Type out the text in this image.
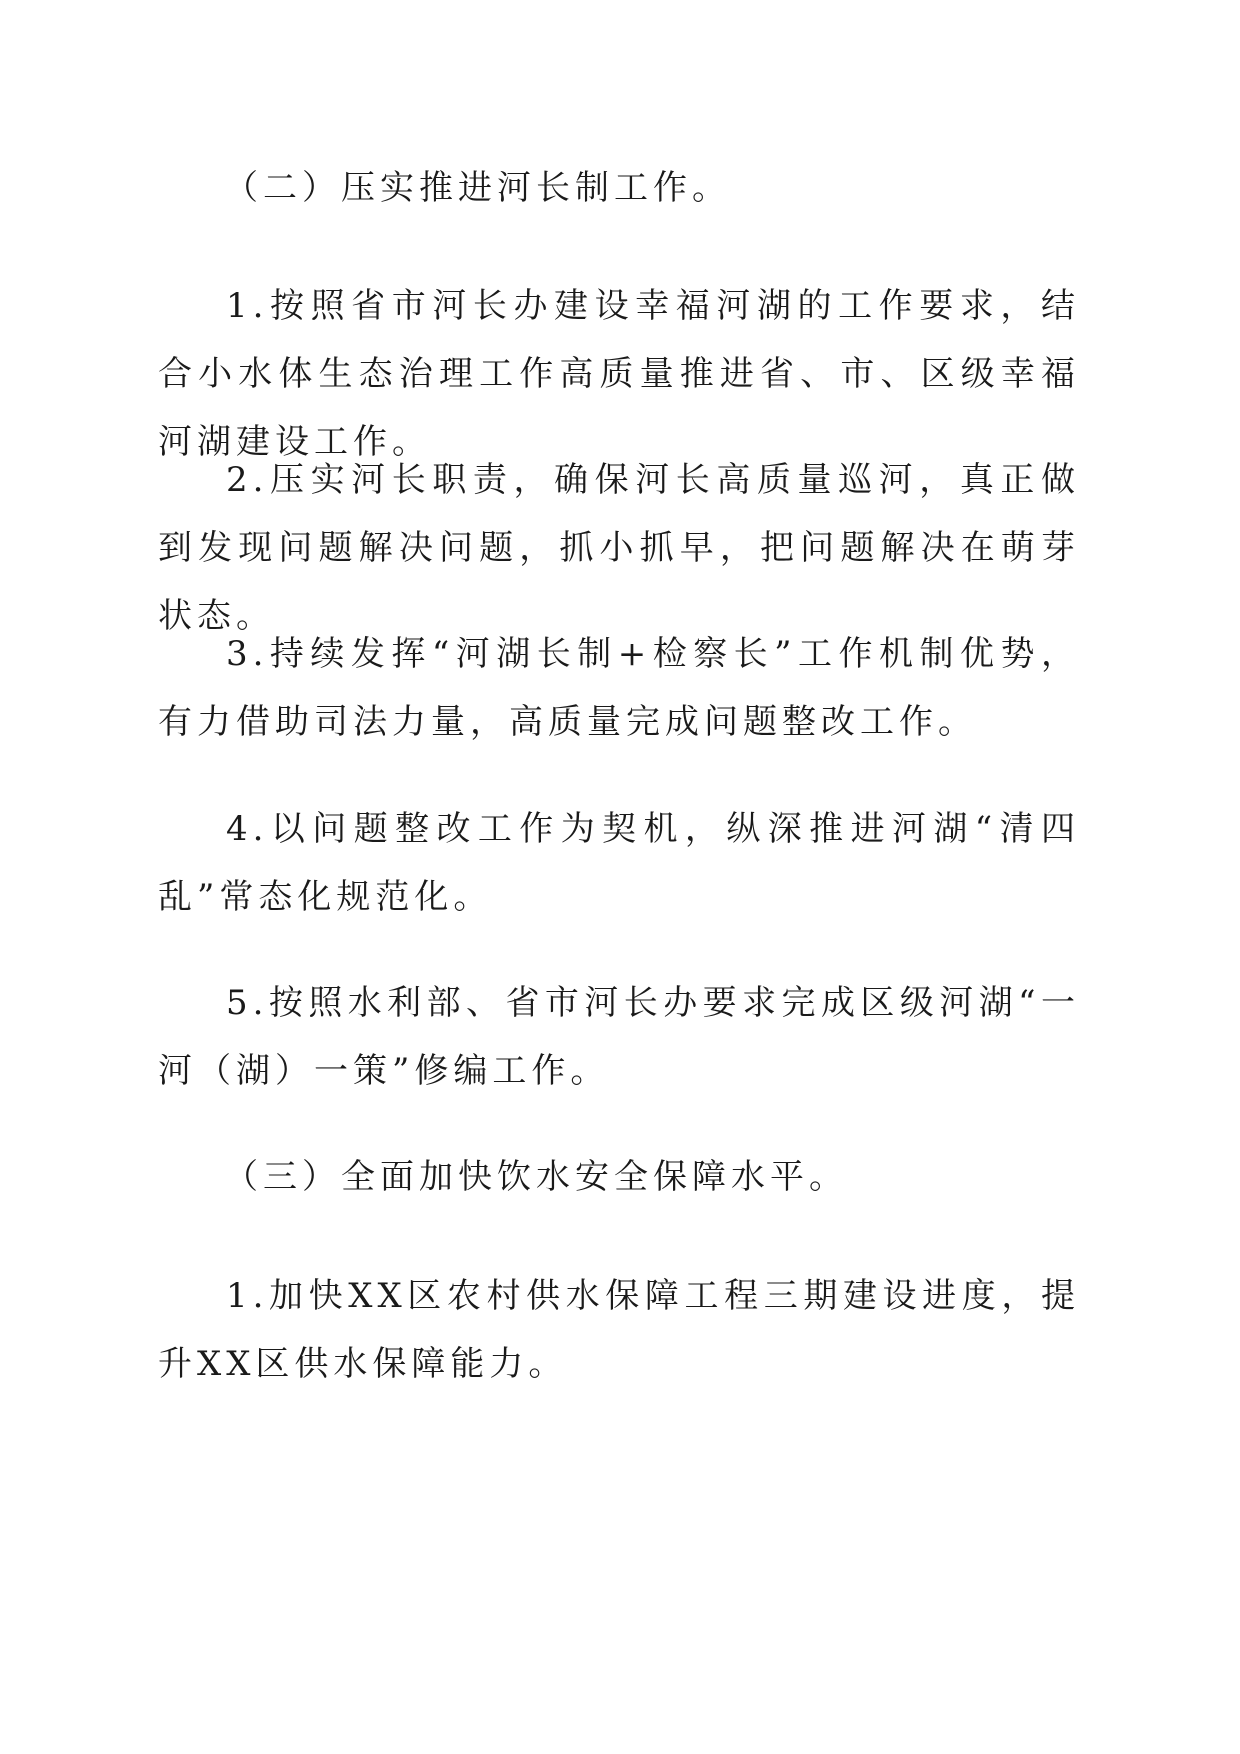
（二）压实推进河长制工作。
1.按照省市河长办建设幸福河湖的工作要求，结合小水体生态治理工作高质量推进省、市、区级幸福河湖建设工作。
2.压实河长职责，确保河长高质量巡河，真正做到发现问题解决问题，抓小抓早，把问题解决在萌芽状态。
3.持续发挥“河湖长制+检察长”工作机制优势，有力借助司法力量，高质量完成问题整改工作。
4.以问题整改工作为契机，纵深推进河湖“清四乱”常态化规范化。
5.按照水利部、省市河长办要求完成区级河湖“一河（湖）一策”修编工作。
（三）全面加快饮水安全保障水平。
1.加快XX区农村供水保障工程三期建设进度，提升XX区供水保障能力。
